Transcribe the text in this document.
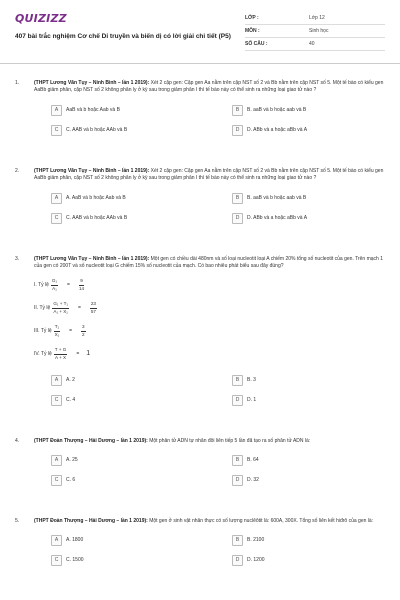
QUIZIZZ
407 bài trắc nghiệm Cơ chế Di truyền và biến dị có lời giải chi tiết (P5)
LỚP :	Lớp 12
MÔN :	Sinh học
SỐ CÂU :	40
1.	(THPT Lương Văn Tụy – Ninh Bình – lần 1 2019): Xét 2 cặp gen: Cặp gen Aa nằm trên cặp NST số 2 và Bb nằm trên cặp NST số 5. Một tế bào có kiểu gen AaBb giảm phân, cặp NST số 2 không phân ly ở kỳ sau trong giảm phân I thì tế bào này có thể sinh ra những loại giao tử nào ?
A	AaB và b hoặc Aab và B	B	B. aaB và b hoặc aab và B
C	C. AAB và b hoặc AAb và B	D	D. ABb và a hoặc aBb và A
2.	(THPT Lương Văn Tụy – Ninh Bình – lần 1 2019): Xét 2 cặp gen: Cặp gen Aa nằm trên cặp NST số 2 và Bb nằm trên cặp NST số 5. Một tế bào có kiểu gen AaBb giảm phân, cặp NST số 2 không phân ly ở kỳ sau trong giảm phân I thì tế bào này có thể sinh ra những loại giao tử nào ?
A	A. AaB và b hoặc Aab và B	B	B. aaB và b hoặc aab và B
C	C. AAB và b hoặc AAb và B	D	D. ABb và a hoặc aBb và A
3.	(THPT Lương Văn Tụy – Ninh Bình – lần 1 2019): Một gen có chiều dài 480nm và số loại nucleotit loại A chiếm 20% tổng số nucleotit của gen. Trên mạch 1 của gen có 200T và số nucleotit loại G chiếm 15% số nucleotit của mạch. Có bao nhiêu phát biểu sau đây đúng?
I. Tỷ lệ $\frac{\text{G₁}}{\text{A₁}} = \frac{9}{14}$
II. Tỷ lệ $\frac{\text{G₁ + T₁}}{\text{A₁ + X₁}} = \frac{23}{57}$
III. Tỷ lệ $\frac{\text{T₁}}{\text{X₁}} = \frac{3}{2}$
IV. Tỷ lệ $\frac{T + G}{A + X} = 1$
A	A. 2	B	B. 3
C	C. 4	D	D. 1
4.	(THPT Đoàn Thượng – Hải Dương – lần 1 2019): Một phân tử ADN tự nhân đôi liên tiếp 5 lần đã tạo ra số phân tử ADN là:
A	A. 25	B	B. 64
C	C. 6	D	D. 32
5.	(THPT Đoàn Thượng – Hải Dương – lần 1 2019): Một gen ở sinh vật nhân thực có số lượng nuclêôtit là: 600A, 300X. Tổng số liên kết hiđrô của gen là:
A	A. 1800	B	B. 2100
C	C. 1500	D	D. 1200
